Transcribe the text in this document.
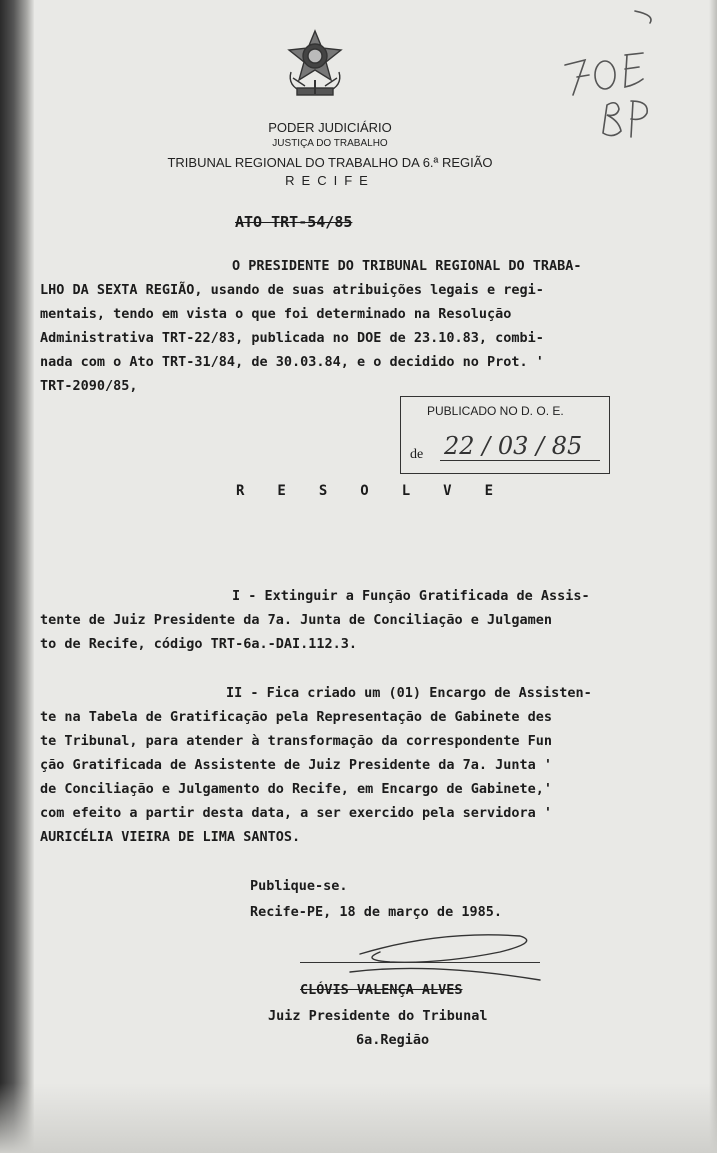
PODER JUDICIÁRIO

JUSTIÇA DO TRABALHO

TRIBUNAL REGIONAL DO TRABALHO DA 6.ª REGIÃO

RECIFE

ATO TRT-54/85

O PRESIDENTE DO TRIBUNAL REGIONAL DO TRABA-

LHO DA SEXTA REGIÃO, usando de suas atribuições legais e regi-

mentais, tendo em vista o que foi determinado na Resolução

Administrativa TRT-22/83, publicada no DOE de 23.10.83, combi-

nada com o Ato TRT-31/84, de 30.03.84, e o decidido no Prot. '

TRT-2090/85,

PUBLICADO NO D. O. E.

de 22 / 03 / 85

RESOLVE

I - Extinguir a Função Gratificada de Assis-

tente de Juiz Presidente da 7a. Junta de Conciliação e Julgamen

to de Recife, código TRT-6a.-DAI.112.3.

II - Fica criado um (01) Encargo de Assisten-

te na Tabela de Gratificação pela Representação de Gabinete des

te Tribunal, para atender à transformação da correspondente Fun

ção Gratificada de Assistente de Juiz Presidente da 7a. Junta '

de Conciliação e Julgamento do Recife, em Encargo de Gabinete,'

com efeito a partir desta data, a ser exercido pela servidora '

AURICÉLIA VIEIRA DE LIMA SANTOS.

Publique-se.

Recife-PE, 18 de março de 1985.

CLÓVIS VALENÇA ALVES

Juiz Presidente do Tribunal

6a.Região
